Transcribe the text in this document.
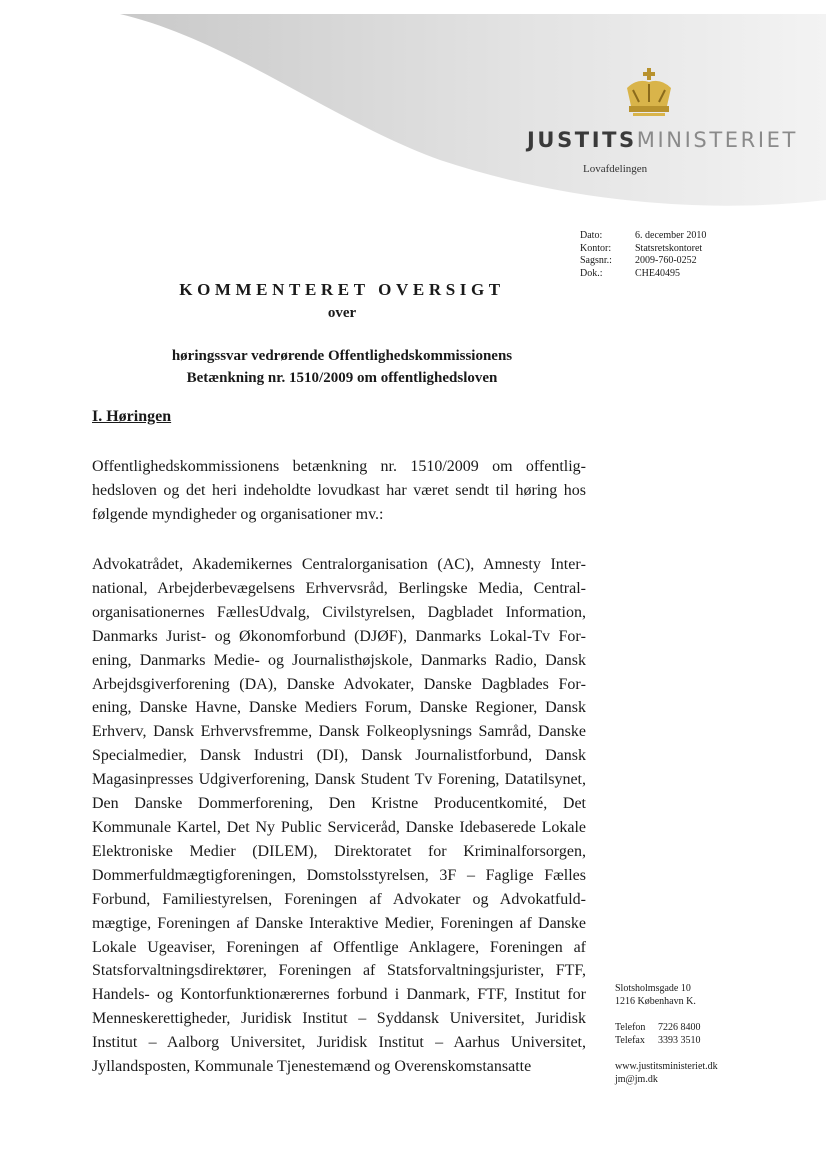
JUSTITSMINISTERIET
Lovafdelingen
Dato:	6. december 2010
Kontor:	Statsretskontoret
Sagsnr.:	2009-760-0252
Dok.:	CHE40495
KOMMENTERET OVERSIGT
over
høringssvar vedrørende Offentlighedskommissionens
Betænkning nr. 1510/2009 om offentlighedsloven
I. Høringen

Offentlighedskommissionens betænkning nr. 1510/2009 om offentlighedsloven og det heri indeholdte lovudkast har været sendt til høring hos følgende myndigheder og organisationer mv.:

Advokatrådet, Akademikernes Centralorganisation (AC), Amnesty International, Arbejderbevægelsens Erhvervsråd, Berlingske Media, Centralorganisationernes FællesUdvalg, Civilstyrelsen, Dagbladet Information, Danmarks Jurist- og Økonomforbund (DJØF), Danmarks Lokal-Tv Forening, Danmarks Medie- og Journalisthøjskole, Danmarks Radio, Dansk Arbejdsgiverforening (DA), Danske Advokater, Danske Dagblades Forening, Danske Havne, Danske Mediers Forum, Danske Regioner, Dansk Erhverv, Dansk Erhvervsfremme, Dansk Folkeoplysnings Samråd, Danske Specialmedier, Dansk Industri (DI), Dansk Journalistforbund, Dansk Magasinpresses Udgiverforening, Dansk Student Tv Forening, Datatilsynet, Den Danske Dommerforening, Den Kristne Producentkomité, Det Kommunale Kartel, Det Ny Public Serviceråd, Danske Idebaserede Lokale Elektroniske Medier (DILEM), Direktoratet for Kriminalforsorgen, Dommerfuldmægtigforeningen, Domstolsstyrelsen, 3F – Faglige Fælles Forbund, Familiestyrelsen, Foreningen af Advokater og Advokatfuldmægtige, Foreningen af Danske Interaktive Medier, Foreningen af Danske Lokale Ugeaviser, Foreningen af Offentlige Anklagere, Foreningen af Statsforvaltningsdirektører, Foreningen af Statsforvaltningsjurister, FTF, Handels- og Kontorfunktionærernes forbund i Danmark, FTF, Institut for Menneskerettigheder, Juridisk Institut – Syddansk Universitet, Juridisk Institut – Aalborg Universitet, Juridisk Institut – Aarhus Universitet, Jyllandsposten, Kommunale Tjenestemænd og Overenskomstansatte

Slotsholmsgade 10
1216 København K.
Telefon	7226 8400
Telefax	3393 3510
www.justitsministeriet.dk
jm@jm.dk
